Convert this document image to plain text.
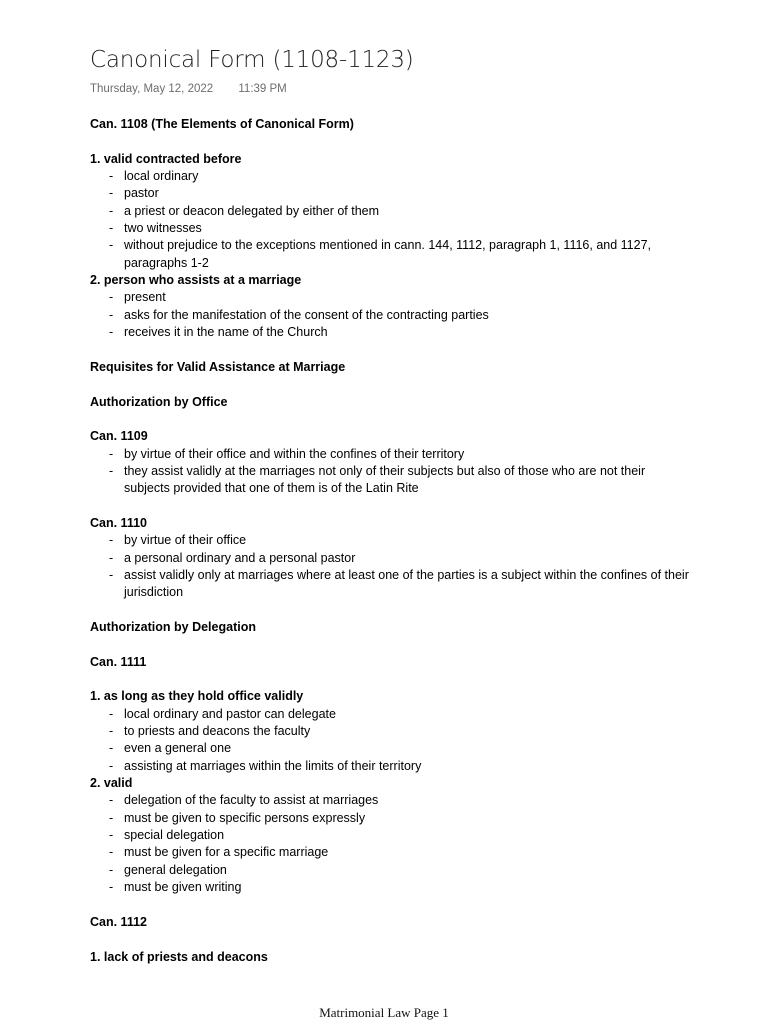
Canonical Form (1108-1123)
Thursday, May 12, 2022 11:39 PM
Can. 1108 (The Elements of Canonical Form)
1. valid contracted before
- local ordinary
- pastor
- a priest or deacon delegated by either of them
- two witnesses
- without prejudice to the exceptions mentioned in cann. 144, 1112, paragraph 1, 1116, and 1127, paragraphs 1-2
2. person who assists at a marriage
- present
- asks for the manifestation of the consent of the contracting parties
- receives it in the name of the Church
Requisites for Valid Assistance at Marriage
Authorization by Office
Can. 1109
- by virtue of their office and within the confines of their territory
- they assist validly at the marriages not only of their subjects but also of those who are not their subjects provided that one of them is of the Latin Rite
Can. 1110
- by virtue of their office
- a personal ordinary and a personal pastor
- assist validly only at marriages where at least one of the parties is a subject within the confines of their jurisdiction
Authorization by Delegation
Can. 1111
1. as long as they hold office validly
- local ordinary and pastor can delegate
- to priests and deacons the faculty
- even a general one
- assisting at marriages within the limits of their territory
2. valid
- delegation of the faculty to assist at marriages
- must be given to specific persons expressly
- special delegation
- must be given for a specific marriage
- general delegation
- must be given writing
Can. 1112
1. lack of priests and deacons
Matrimonial Law Page 1
